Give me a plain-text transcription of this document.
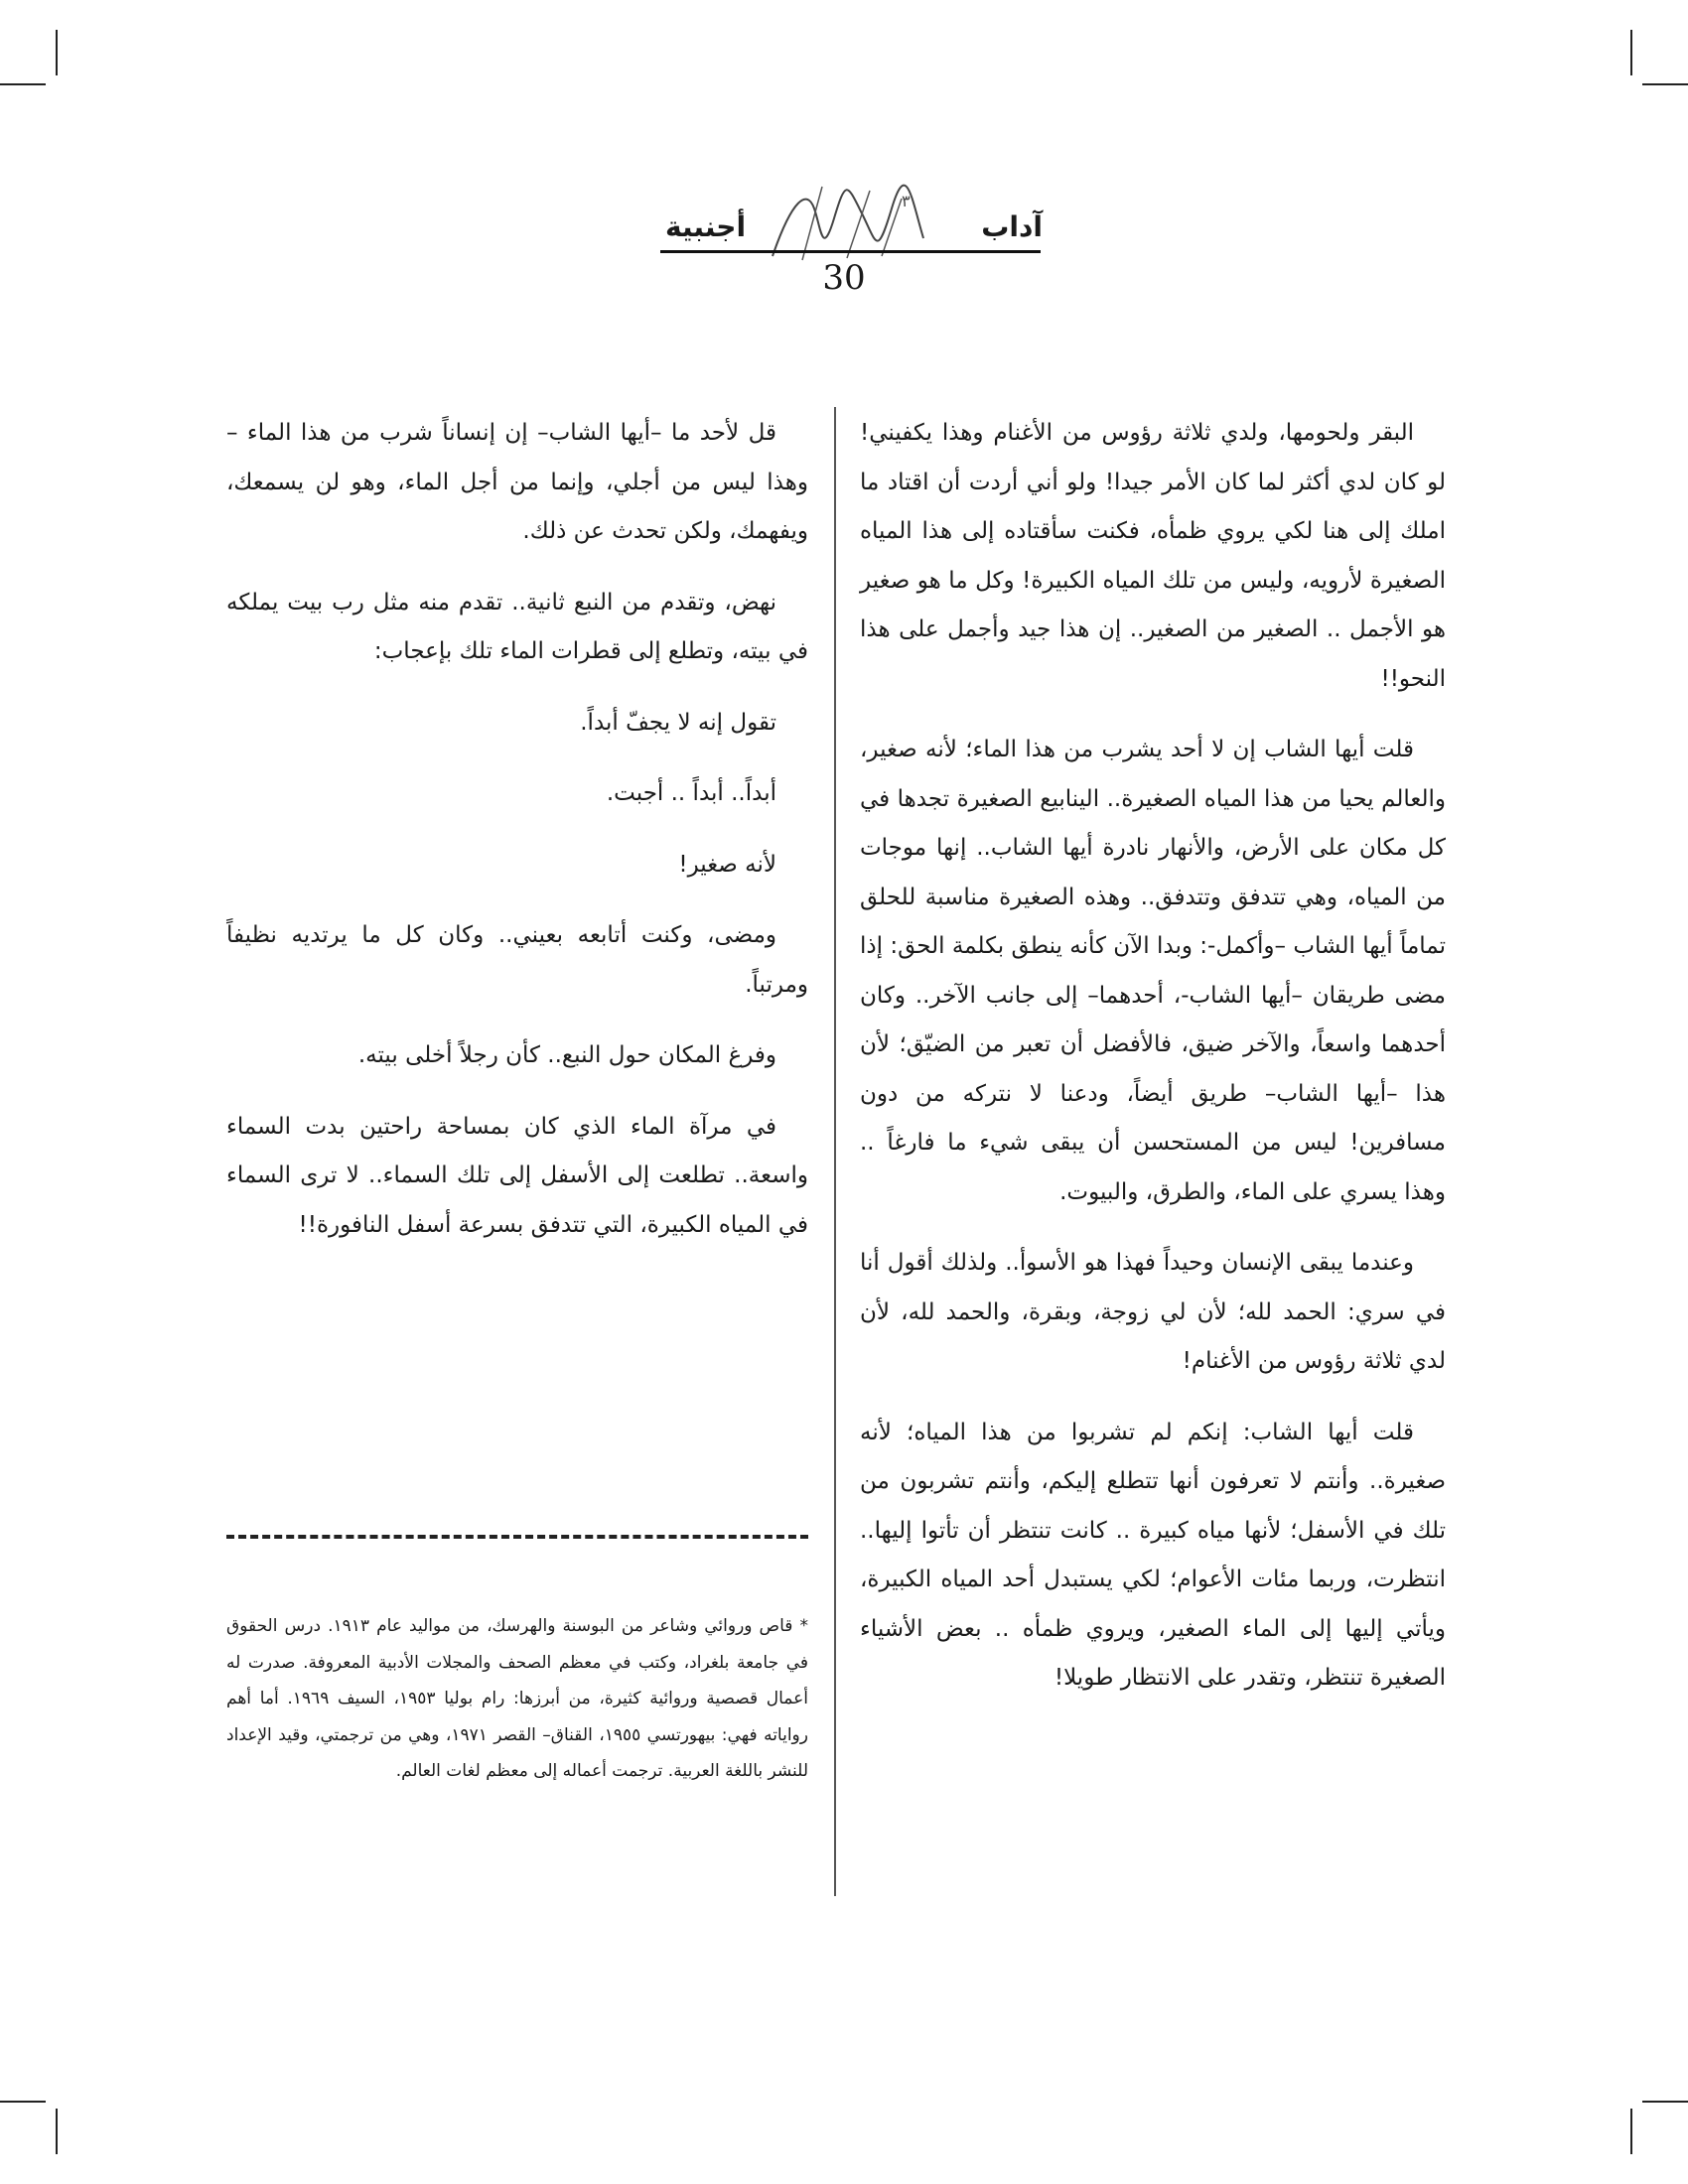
آداب
٣
أجنبية
30

البقر ولحومها، ولدي ثلاثة رؤوس من الأغنام وهذا يكفيني! لو كان لدي أكثر لما كان الأمر جيدا! ولو أني أردت أن اقتاد ما املك إلى هنا لكي يروي ظمأه، فكنت سأقتاده إلى هذا المياه الصغيرة لأرويه، وليس من تلك المياه الكبيرة! وكل ما هو صغير هو الأجمل .. الصغير من الصغير.. إن هذا جيد وأجمل على هذا النحو!!

قلت أيها الشاب إن لا أحد يشرب من هذا الماء؛ لأنه صغير، والعالم يحيا من هذا المياه الصغيرة.. الينابيع الصغيرة تجدها في كل مكان على الأرض، والأنهار نادرة أيها الشاب.. إنها موجات من المياه، وهي تتدفق وتتدفق.. وهذه الصغيرة مناسبة للحلق تماماً أيها الشاب –وأكمل-: وبدا الآن كأنه ينطق بكلمة الحق: إذا مضى طريقان –أيها الشاب-، أحدهما– إلى جانب الآخر.. وكان أحدهما واسعاً، والآخر ضيق، فالأفضل أن تعبر من الضيّق؛ لأن هذا –أيها الشاب– طريق أيضاً، ودعنا لا نتركه من دون مسافرين! ليس من المستحسن أن يبقى شيء ما فارغاً .. وهذا يسري على الماء، والطرق، والبيوت.

وعندما يبقى الإنسان وحيداً فهذا هو الأسوأ.. ولذلك أقول أنا في سري: الحمد لله؛ لأن لي زوجة، وبقرة، والحمد لله، لأن لدي ثلاثة رؤوس من الأغنام!

قلت أيها الشاب: إنكم لم تشربوا من هذا المياه؛ لأنه صغيرة.. وأنتم لا تعرفون أنها تتطلع إليكم، وأنتم تشربون من تلك في الأسفل؛ لأنها مياه كبيرة .. كانت تنتظر أن تأتوا إليها.. انتظرت، وربما مئات الأعوام؛ لكي يستبدل أحد المياه الكبيرة، ويأتي إليها إلى الماء الصغير، ويروي ظمأه .. بعض الأشياء الصغيرة تنتظر، وتقدر على الانتظار طويلا!

قل لأحد ما –أيها الشاب– إن إنساناً شرب من هذا الماء –وهذا ليس من أجلي، وإنما من أجل الماء، وهو لن يسمعك، ويفهمك، ولكن تحدث عن ذلك.

نهض، وتقدم من النبع ثانية.. تقدم منه مثل رب بيت يملكه في بيته، وتطلع إلى قطرات الماء تلك بإعجاب:

تقول إنه لا يجفّ أبداً.

أبداً.. أبداً .. أجبت.

لأنه صغير!

ومضى، وكنت أتابعه بعيني.. وكان كل ما يرتديه نظيفاً ومرتباً.

وفرغ المكان حول النبع.. كأن رجلاً أخلى بيته.

في مرآة الماء الذي كان بمساحة راحتين بدت السماء واسعة.. تطلعت إلى الأسفل إلى تلك السماء.. لا ترى السماء في المياه الكبيرة، التي تتدفق بسرعة أسفل النافورة!!

* قاص وروائي وشاعر من البوسنة والهرسك، من مواليد عام ١٩١٣. درس الحقوق في جامعة بلغراد، وكتب في معظم الصحف والمجلات الأدبية المعروفة. صدرت له أعمال قصصية وروائية كثيرة، من أبرزها: رام بوليا ١٩٥٣، السيف ١٩٦٩. أما أهم رواياته فهي: بيهورتسي ١٩٥٥، القناق– القصر ١٩٧١، وهي من ترجمتي، وقيد الإعداد للنشر باللغة العربية. ترجمت أعماله إلى معظم لغات العالم.
